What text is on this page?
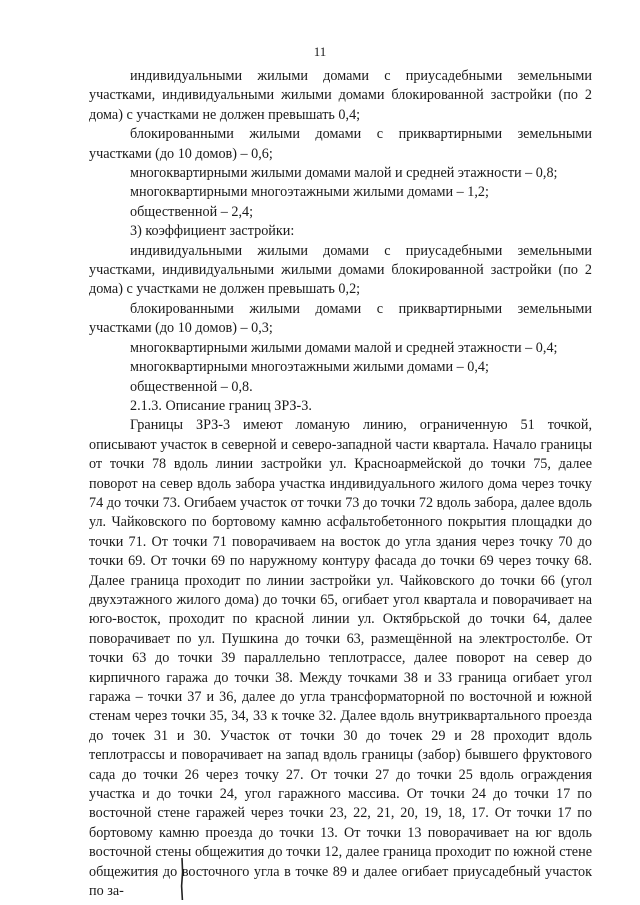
11

индивидуальными жилыми домами с приусадебными земельными участками, индивидуальными жилыми домами блокированной застройки (по 2 дома) с участками не должен превышать 0,4;

блокированными жилыми домами с приквартирными земельными участками (до 10 домов) – 0,6;

многоквартирными жилыми домами малой и средней этажности – 0,8;

многоквартирными многоэтажными жилыми домами – 1,2;

общественной – 2,4;

3) коэффициент застройки:

индивидуальными жилыми домами с приусадебными земельными участками, индивидуальными жилыми домами блокированной застройки (по 2 дома) с участками не должен превышать 0,2;

блокированными жилыми домами с приквартирными земельными участками (до 10 домов) – 0,3;

многоквартирными жилыми домами малой и средней этажности – 0,4;

многоквартирными многоэтажными жилыми домами – 0,4;

общественной – 0,8.

2.1.3. Описание границ ЗРЗ-3.

Границы ЗРЗ-3 имеют ломаную линию, ограниченную 51 точкой, описывают участок в северной и северо-западной части квартала. Начало границы от точки 78 вдоль линии застройки ул. Красноармейской до точки 75, далее поворот на север вдоль забора участка индивидуального жилого дома через точку 74 до точки 73. Огибаем участок от точки 73 до точки 72 вдоль забора, далее вдоль ул. Чайковского по бортовому камню асфальтобетонного покрытия площадки до точки 71. От точки 71 поворачиваем на восток до угла здания через точку 70 до точки 69. От точки 69 по наружному контуру фасада до точки 69 через точку 68. Далее граница проходит по линии застройки ул. Чайковского до точки 66 (угол двухэтажного жилого дома) до точки 65, огибает угол квартала и поворачивает на юго-восток, проходит по красной линии ул. Октябрьской до точки 64, далее поворачивает по ул. Пушкина до точки 63, размещённой на электростолбе. От точки 63 до точки 39 параллельно теплотрассе, далее поворот на север до кирпичного гаража до точки 38. Между точками 38 и 33 граница огибает угол гаража – точки 37 и 36, далее до угла трансформаторной по восточной и южной стенам через точки 35, 34, 33 к точке 32. Далее вдоль внутриквартального проезда до точек 31 и 30. Участок от точки 30 до точек 29 и 28 проходит вдоль теплотрассы и поворачивает на запад вдоль границы (забор) бывшего фруктового сада до точки 26 через точку 27. От точки 27 до точки 25 вдоль ограждения участка и до точки 24, угол гаражного массива. От точки 24 до точки 17 по восточной стене гаражей через точки 23, 22, 21, 20, 19, 18, 17. От точки 17 по бортовому камню проезда до точки 13. От точки 13 поворачивает на юг вдоль восточной стены общежития до точки 12, далее граница проходит по южной стене общежития до восточного угла в точке 89 и далее огибает приусадебный участок по за-
